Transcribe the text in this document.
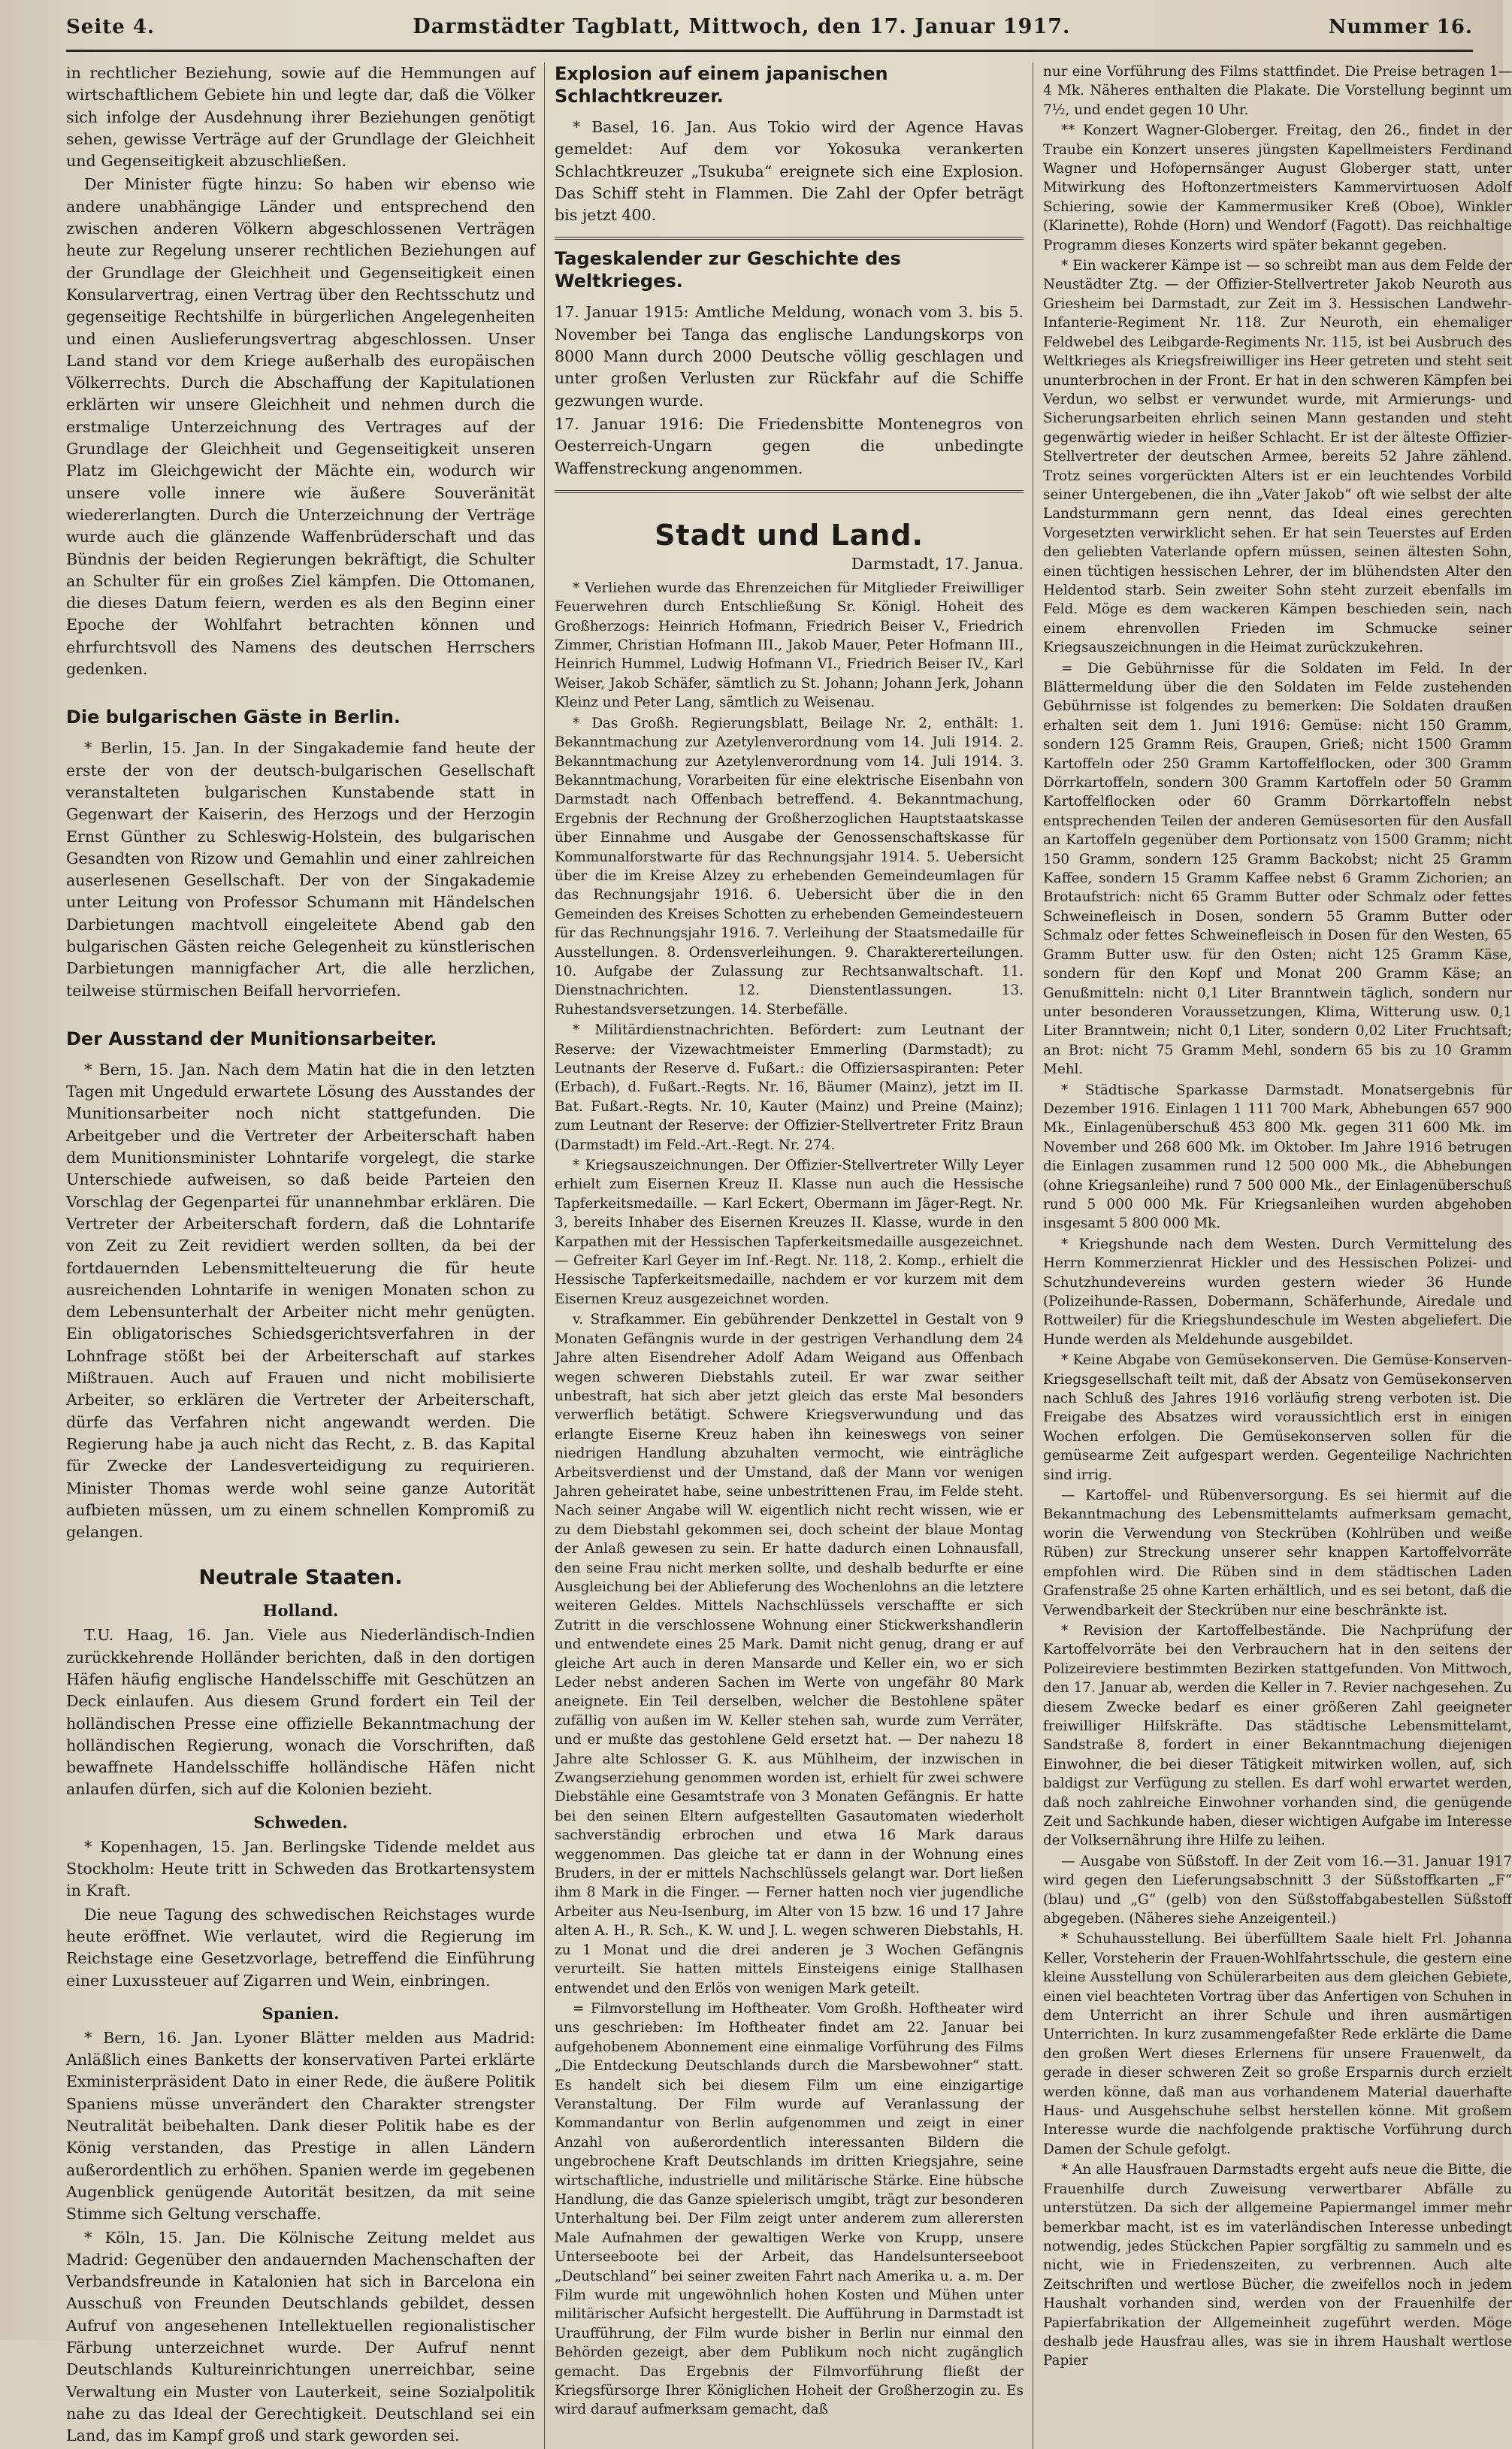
Seite 4.	Darmstädter Tagblatt, Mittwoch, den 17. Januar 1917.	Nummer 16.

in rechtlicher Beziehung, sowie auf die Hemmungen auf wirtschaftlichem Gebiete hin und legte dar, daß die Völker sich infolge der Ausdehnung ihrer Beziehungen genötigt sehen, gewisse Verträge auf der Grundlage der Gleichheit und Gegenseitigkeit abzuschließen.

Der Minister fügte hinzu: So haben wir ebenso wie andere unabhängige Länder und entsprechend den zwischen anderen Völkern abgeschlossenen Verträgen heute zur Regelung unserer rechtlichen Beziehungen auf der Grundlage der Gleichheit und Gegenseitigkeit einen Konsularvertrag, einen Vertrag über den Rechtsschutz und gegenseitige Rechtshilfe in bürgerlichen Angelegenheiten und einen Auslieferungsvertrag abgeschlossen. Unser Land stand vor dem Kriege außerhalb des europäischen Völkerrechts. Durch die Abschaffung der Kapitulationen erklärten wir unsere Gleichheit und nehmen durch die erstmalige Unterzeichnung des Vertrages auf der Grundlage der Gleichheit und Gegenseitigkeit unseren Platz im Gleichgewicht der Mächte ein, wodurch wir unsere volle innere wie äußere Souveränität wiedererlangten. Durch die Unterzeichnung der Verträge wurde auch die glänzende Waffenbrüderschaft und das Bündnis der beiden Regierungen bekräftigt, die Schulter an Schulter für ein großes Ziel kämpfen. Die Ottomanen, die dieses Datum feiern, werden es als den Beginn einer Epoche der Wohlfahrt betrachten können und ehrfurchtsvoll des Namens des deutschen Herrschers gedenken.

Die bulgarischen Gäste in Berlin.

* Berlin, 15. Jan. In der Singakademie fand heute der erste der von der deutsch-bulgarischen Gesellschaft veranstalteten bulgarischen Kunstabende statt in Gegenwart der Kaiserin, des Herzogs und der Herzogin Ernst Günther zu Schleswig-Holstein, des bulgarischen Gesandten von Rizow und Gemahlin und einer zahlreichen auserlesenen Gesellschaft. Der von der Singakademie unter Leitung von Professor Schumann mit Händelschen Darbietungen machtvoll eingeleitete Abend gab den bulgarischen Gästen reiche Gelegenheit zu künstlerischen Darbietungen mannigfacher Art, die alle herzlichen, teilweise stürmischen Beifall hervorriefen.

Der Ausstand der Munitionsarbeiter.

* Bern, 15. Jan. Nach dem Matin hat die in den letzten Tagen mit Ungeduld erwartete Lösung des Ausstandes der Munitionsarbeiter noch nicht stattgefunden. Die Arbeitgeber und die Vertreter der Arbeiterschaft haben dem Munitionsminister Lohntarife vorgelegt, die starke Unterschiede aufweisen, so daß beide Parteien den Vorschlag der Gegenpartei für unannehmbar erklären. Die Vertreter der Arbeiterschaft fordern, daß die Lohntarife von Zeit zu Zeit revidiert werden sollten, da bei der fortdauernden Lebensmittelteuerung die für heute ausreichenden Lohntarife in wenigen Monaten schon zu dem Lebensunterhalt der Arbeiter nicht mehr genügten. Ein obligatorisches Schiedsgerichtsverfahren in der Lohnfrage stößt bei der Arbeiterschaft auf starkes Mißtrauen. Auch auf Frauen und nicht mobilisierte Arbeiter, so erklären die Vertreter der Arbeiterschaft, dürfe das Verfahren nicht angewandt werden. Die Regierung habe ja auch nicht das Recht, z. B. das Kapital für Zwecke der Landesverteidigung zu requirieren. Minister Thomas werde wohl seine ganze Autorität aufbieten müssen, um zu einem schnellen Kompromiß zu gelangen.

Neutrale Staaten.
Holland.

T.U. Haag, 16. Jan. Viele aus Niederländisch-Indien zurückkehrende Holländer berichten, daß in den dortigen Häfen häufig englische Handelsschiffe mit Geschützen an Deck einlaufen. Aus diesem Grund fordert ein Teil der holländischen Presse eine offizielle Bekanntmachung der holländischen Regierung, wonach die Vorschriften, daß bewaffnete Handelsschiffe holländische Häfen nicht anlaufen dürfen, sich auf die Kolonien bezieht.

Schweden.

* Kopenhagen, 15. Jan. Berlingske Tidende meldet aus Stockholm: Heute tritt in Schweden das Brotkartensystem in Kraft.

Die neue Tagung des schwedischen Reichstages wurde heute eröffnet. Wie verlautet, wird die Regierung im Reichstage eine Gesetzvorlage, betreffend die Einführung einer Luxussteuer auf Zigarren und Wein, einbringen.

Spanien.

* Bern, 16. Jan. Lyoner Blätter melden aus Madrid: Anläßlich eines Banketts der konservativen Partei erklärte Exministerpräsident Dato in einer Rede, die äußere Politik Spaniens müsse unverändert den Charakter strengster Neutralität beibehalten. Dank dieser Politik habe es der König verstanden, das Prestige in allen Ländern außerordentlich zu erhöhen. Spanien werde im gegebenen Augenblick genügende Autorität besitzen, da mit seine Stimme sich Geltung verschaffe.

* Köln, 15. Jan. Die Kölnische Zeitung meldet aus Madrid: Gegenüber den andauernden Machenschaften der Verbandsfreunde in Katalonien hat sich in Barcelona ein Ausschuß von Freunden Deutschlands gebildet, dessen Aufruf von angesehenen Intellektuellen regionalistischer Färbung unterzeichnet wurde. Der Aufruf nennt Deutschlands Kultureinrichtungen unerreichbar, seine Verwaltung ein Muster von Lauterkeit, seine Sozialpolitik nahe zu das Ideal der Gerechtigkeit. Deutschland sei ein Land, das im Kampf groß und stark geworden sei.

Explosion auf einem japanischen Schlachtkreuzer.

* Basel, 16. Jan. Aus Tokio wird der Agence Havas gemeldet: Auf dem vor Yokosuka verankerten Schlachtkreuzer „Tsukuba“ ereignete sich eine Explosion. Das Schiff steht in Flammen. Die Zahl der Opfer beträgt bis jetzt 400.

Tageskalender zur Geschichte des Weltkrieges.

17. Januar 1915: Amtliche Meldung, wonach vom 3. bis 5. November bei Tanga das englische Landungskorps von 8000 Mann durch 2000 Deutsche völlig geschlagen und unter großen Verlusten zur Rückfahr auf die Schiffe gezwungen wurde.

17. Januar 1916: Die Friedensbitte Montenegros von Oesterreich-Ungarn gegen die unbedingte Waffenstreckung angenommen.

Stadt und Land.
Darmstadt, 17. Janua.

* Verliehen wurde das Ehrenzeichen für Mitglieder Freiwilliger Feuerwehren durch Entschließung Sr. Königl. Hoheit des Großherzogs: Heinrich Hofmann, Friedrich Beiser V., Friedrich Zimmer, Christian Hofmann III., Jakob Mauer, Peter Hofmann III., Heinrich Hummel, Ludwig Hofmann VI., Friedrich Beiser IV., Karl Weiser, Jakob Schäfer, sämtlich zu St. Johann; Johann Jerk, Johann Kleinz und Peter Lang, sämtlich zu Weisenau.

* Das Großh. Regierungsblatt, Beilage Nr. 2, enthält: 1. Bekanntmachung zur Azetylenverordnung vom 14. Juli 1914. 2. Bekanntmachung zur Azetylenverordnung vom 14. Juli 1914. 3. Bekanntmachung, Vorarbeiten für eine elektrische Eisenbahn von Darmstadt nach Offenbach betreffend. 4. Bekanntmachung, Ergebnis der Rechnung der Großherzoglichen Hauptstaatskasse über Einnahme und Ausgabe der Genossenschaftskasse für Kommunalforstwarte für das Rechnungsjahr 1914. 5. Uebersicht über die im Kreise Alzey zu erhebenden Gemeindeumlagen für das Rechnungsjahr 1916. 6. Uebersicht über die in den Gemeinden des Kreises Schotten zu erhebenden Gemeindesteuern für das Rechnungsjahr 1916. 7. Verleihung der Staatsmedaille für Ausstellungen. 8. Ordensverleihungen. 9. Charaktererteilungen. 10. Aufgabe der Zulassung zur Rechtsanwaltschaft. 11. Dienstnachrichten. 12. Dienstentlassungen. 13. Ruhestandsversetzungen. 14. Sterbefälle.

* Militärdienstnachrichten. Befördert: zum Leutnant der Reserve: der Vizewachtmeister Emmerling (Darmstadt); zu Leutnants der Reserve d. Fußart.: die Offiziersaspiranten: Peter (Erbach), d. Fußart.-Regts. Nr. 16, Bäumer (Mainz), jetzt im II. Bat. Fußart.-Regts. Nr. 10, Kauter (Mainz) und Preine (Mainz); zum Leutnant der Reserve: der Offizier-Stellvertreter Fritz Braun (Darmstadt) im Feld.-Art.-Regt. Nr. 274.

* Kriegsauszeichnungen. Der Offizier-Stellvertreter Willy Leyer erhielt zum Eisernen Kreuz II. Klasse nun auch die Hessische Tapferkeitsmedaille. — Karl Eckert, Obermann im Jäger-Regt. Nr. 3, bereits Inhaber des Eisernen Kreuzes II. Klasse, wurde in den Karpathen mit der Hessischen Tapferkeitsmedaille ausgezeichnet. — Gefreiter Karl Geyer im Inf.-Regt. Nr. 118, 2. Komp., erhielt die Hessische Tapferkeitsmedaille, nachdem er vor kurzem mit dem Eisernen Kreuz ausgezeichnet worden.

v. Strafkammer. Ein gebührender Denkzettel in Gestalt von 9 Monaten Gefängnis wurde in der gestrigen Verhandlung dem 24 Jahre alten Eisendreher Adolf Adam Weigand aus Offenbach wegen schweren Diebstahls zuteil. Er war zwar seither unbestraft, hat sich aber jetzt gleich das erste Mal besonders verwerflich betätigt. Schwere Kriegsverwundung und das erlangte Eiserne Kreuz haben ihn keineswegs von seiner niedrigen Handlung abzuhalten vermocht, wie einträgliche Arbeitsverdienst und der Umstand, daß der Mann vor wenigen Jahren geheiratet habe, seine unbestrittenen Frau, im Felde steht. Nach seiner Angabe will W. eigentlich nicht recht wissen, wie er zu dem Diebstahl gekommen sei, doch scheint der blaue Montag der Anlaß gewesen zu sein. Er hatte dadurch einen Lohnausfall, den seine Frau nicht merken sollte, und deshalb bedurfte er eine Ausgleichung bei der Ablieferung des Wochenlohns an die letztere weiteren Geldes. Mittels Nachschlüssels verschaffte er sich Zutritt in die verschlossene Wohnung einer Stickwerkshandlerin und entwendete eines 25 Mark. Damit nicht genug, drang er auf gleiche Art auch in deren Mansarde und Keller ein, wo er sich Leder nebst anderen Sachen im Werte von ungefähr 80 Mark aneignete. Ein Teil derselben, welcher die Bestohlene später zufällig von außen im W. Keller stehen sah, wurde zum Verräter, und er mußte das gestohlene Geld ersetzt hat. — Der nahezu 18 Jahre alte Schlosser G. K. aus Mühlheim, der inzwischen in Zwangserziehung genommen worden ist, erhielt für zwei schwere Diebstähle eine Gesamtstrafe von 3 Monaten Gefängnis. Er hatte bei den seinen Eltern aufgestellten Gasautomaten wiederholt sachverständig erbrochen und etwa 16 Mark daraus weggenommen. Das gleiche tat er dann in der Wohnung eines Bruders, in der er mittels Nachschlüssels gelangt war. Dort ließen ihm 8 Mark in die Finger. — Ferner hatten noch vier jugendliche Arbeiter aus Neu-Isenburg, im Alter von 15 bzw. 16 und 17 Jahre alten A. H., R. Sch., K. W. und J. L. wegen schweren Diebstahls, H. zu 1 Monat und die drei anderen je 3 Wochen Gefängnis verurteilt. Sie hatten mittels Einsteigens einige Stallhasen entwendet und den Erlös von wenigen Mark geteilt.

= Filmvorstellung im Hoftheater. Vom Großh. Hoftheater wird uns geschrieben: Im Hoftheater findet am 22. Januar bei aufgehobenem Abonnement eine einmalige Vorführung des Films „Die Entdeckung Deutschlands durch die Marsbewohner“ statt. Es handelt sich bei diesem Film um eine einzigartige Veranstaltung. Der Film wurde auf Veranlassung der Kommandantur von Berlin aufgenommen und zeigt in einer Anzahl von außerordentlich interessanten Bildern die ungebrochene Kraft Deutschlands im dritten Kriegsjahre, seine wirtschaftliche, industrielle und militärische Stärke. Eine hübsche Handlung, die das Ganze spielerisch umgibt, trägt zur besonderen Unterhaltung bei. Der Film zeigt unter anderem zum allerersten Male Aufnahmen der gewaltigen Werke von Krupp, unsere Unterseeboote bei der Arbeit, das Handelsunterseeboot „Deutschland“ bei seiner zweiten Fahrt nach Amerika u. a. m. Der Film wurde mit ungewöhnlich hohen Kosten und Mühen unter militärischer Aufsicht hergestellt. Die Aufführung in Darmstadt ist Uraufführung, der Film wurde bisher in Berlin nur einmal den Behörden gezeigt, aber dem Publikum noch nicht zugänglich gemacht. Das Ergebnis der Filmvorführung fließt der Kriegsfürsorge Ihrer Königlichen Hoheit der Großherzogin zu. Es wird darauf aufmerksam gemacht, daß

nur eine Vorführung des Films stattfindet. Die Preise betragen 1—4 Mk. Näheres enthalten die Plakate. Die Vorstellung beginnt um 7½, und endet gegen 10 Uhr.

** Konzert Wagner-Globerger. Freitag, den 26., findet in der Traube ein Konzert unseres jüngsten Kapellmeisters Ferdinand Wagner und Hofopernsänger August Globerger statt, unter Mitwirkung des Hoftonzertmeisters Kammervirtuosen Adolf Schiering, sowie der Kammermusiker Kreß (Oboe), Winkler (Klarinette), Rohde (Horn) und Wendorf (Fagott). Das reichhaltige Programm dieses Konzerts wird später bekannt gegeben.

* Ein wackerer Kämpe ist — so schreibt man aus dem Felde der Neustädter Ztg. — der Offizier-Stellvertreter Jakob Neuroth aus Griesheim bei Darmstadt, zur Zeit im 3. Hessischen Landwehr-Infanterie-Regiment Nr. 118. Zur Neuroth, ein ehemaliger Feldwebel des Leibgarde-Regiments Nr. 115, ist bei Ausbruch des Weltkrieges als Kriegsfreiwilliger ins Heer getreten und steht seit ununterbrochen in der Front. Er hat in den schweren Kämpfen bei Verdun, wo selbst er verwundet wurde, mit Armierungs- und Sicherungsarbeiten ehrlich seinen Mann gestanden und steht gegenwärtig wieder in heißer Schlacht. Er ist der älteste Offizier-Stellvertreter der deutschen Armee, bereits 52 Jahre zählend. Trotz seines vorgerückten Alters ist er ein leuchtendes Vorbild seiner Untergebenen, die ihn „Vater Jakob“ oft wie selbst der alte Landsturmmann gern nennt, das Ideal eines gerechten Vorgesetzten verwirklicht sehen. Er hat sein Teuerstes auf Erden den geliebten Vaterlande opfern müssen, seinen ältesten Sohn, einen tüchtigen hessischen Lehrer, der im blühendsten Alter den Heldentod starb. Sein zweiter Sohn steht zurzeit ebenfalls im Feld. Möge es dem wackeren Kämpen beschieden sein, nach einem ehrenvollen Frieden im Schmucke seiner Kriegsauszeichnungen in die Heimat zurückzukehren.

= Die Gebührnisse für die Soldaten im Feld. In der Blättermeldung über die den Soldaten im Felde zustehenden Gebührnisse ist folgendes zu bemerken: Die Soldaten draußen erhalten seit dem 1. Juni 1916: Gemüse: nicht 150 Gramm, sondern 125 Gramm Reis, Graupen, Grieß; nicht 1500 Gramm Kartoffeln oder 250 Gramm Kartoffelflocken, oder 300 Gramm Dörrkartoffeln, sondern 300 Gramm Kartoffeln oder 50 Gramm Kartoffelflocken oder 60 Gramm Dörrkartoffeln nebst entsprechenden Teilen der anderen Gemüsesorten für den Ausfall an Kartoffeln gegenüber dem Portionsatz von 1500 Gramm; nicht 150 Gramm, sondern 125 Gramm Backobst; nicht 25 Gramm Kaffee, sondern 15 Gramm Kaffee nebst 6 Gramm Zichorien; an Brotaufstrich: nicht 65 Gramm Butter oder Schmalz oder fettes Schweinefleisch in Dosen, sondern 55 Gramm Butter oder Schmalz oder fettes Schweinefleisch in Dosen für den Westen, 65 Gramm Butter usw. für den Osten; nicht 125 Gramm Käse, sondern für den Kopf und Monat 200 Gramm Käse; an Genußmitteln: nicht 0,1 Liter Branntwein täglich, sondern nur unter besonderen Voraussetzungen, Klima, Witterung usw. 0,1 Liter Branntwein; nicht 0,1 Liter, sondern 0,02 Liter Fruchtsaft; an Brot: nicht 75 Gramm Mehl, sondern 65 bis zu 10 Gramm Mehl.

* Städtische Sparkasse Darmstadt. Monatsergebnis für Dezember 1916. Einlagen 1 111 700 Mark, Abhebungen 657 900 Mk., Einlagenüberschuß 453 800 Mk. gegen 311 600 Mk. im November und 268 600 Mk. im Oktober. Im Jahre 1916 betrugen die Einlagen zusammen rund 12 500 000 Mk., die Abhebungen (ohne Kriegsanleihe) rund 7 500 000 Mk., der Einlagenüberschuß rund 5 000 000 Mk. Für Kriegsanleihen wurden abgehoben insgesamt 5 800 000 Mk.

* Kriegshunde nach dem Westen. Durch Vermittelung des Herrn Kommerzienrat Hickler und des Hessischen Polizei- und Schutzhundevereins wurden gestern wieder 36 Hunde (Polizeihunde-Rassen, Dobermann, Schäferhunde, Airedale und Rottweiler) für die Kriegshundeschule im Westen abgeliefert. Die Hunde werden als Meldehunde ausgebildet.

* Keine Abgabe von Gemüsekonserven. Die Gemüse-Konserven-Kriegsgesellschaft teilt mit, daß der Absatz von Gemüsekonserven nach Schluß des Jahres 1916 vorläufig streng verboten ist. Die Freigabe des Absatzes wird voraussichtlich erst in einigen Wochen erfolgen. Die Gemüsekonserven sollen für die gemüsearme Zeit aufgespart werden. Gegenteilige Nachrichten sind irrig.

— Kartoffel- und Rübenversorgung. Es sei hiermit auf die Bekanntmachung des Lebensmittelamts aufmerksam gemacht, worin die Verwendung von Steckrüben (Kohlrüben und weiße Rüben) zur Streckung unserer sehr knappen Kartoffelvorräte empfohlen wird. Die Rüben sind in dem städtischen Laden Grafenstraße 25 ohne Karten erhältlich, und es sei betont, daß die Verwendbarkeit der Steckrüben nur eine beschränkte ist.

* Revision der Kartoffelbestände. Die Nachprüfung der Kartoffelvorräte bei den Verbrauchern hat in den seitens der Polizeireviere bestimmten Bezirken stattgefunden. Von Mittwoch, den 17. Januar ab, werden die Keller in 7. Revier nachgesehen. Zu diesem Zwecke bedarf es einer größeren Zahl geeigneter freiwilliger Hilfskräfte. Das städtische Lebensmittelamt, Sandstraße 8, fordert in einer Bekanntmachung diejenigen Einwohner, die bei dieser Tätigkeit mitwirken wollen, auf, sich baldigst zur Verfügung zu stellen. Es darf wohl erwartet werden, daß noch zahlreiche Einwohner vorhanden sind, die genügende Zeit und Sachkunde haben, dieser wichtigen Aufgabe im Interesse der Volksernährung ihre Hilfe zu leihen.

— Ausgabe von Süßstoff. In der Zeit vom 16.—31. Januar 1917 wird gegen den Lieferungsabschnitt 3 der Süßstoffkarten „F“ (blau) und „G“ (gelb) von den Süßstoffabgabestellen Süßstoff abgegeben. (Näheres siehe Anzeigenteil.)

* Schuhausstellung. Bei überfülltem Saale hielt Frl. Johanna Keller, Vorsteherin der Frauen-Wohlfahrtsschule, die gestern eine kleine Ausstellung von Schülerarbeiten aus dem gleichen Gebiete, einen viel beachteten Vortrag über das Anfertigen von Schuhen in dem Unterricht an ihrer Schule und ihren ausmärtigen Unterrichten. In kurz zusammengefaßter Rede erklärte die Dame den großen Wert dieses Erlernens für unsere Frauenwelt, da gerade in dieser schweren Zeit so große Ersparnis durch erzielt werden könne, daß man aus vorhandenem Material dauerhafte Haus- und Ausgehschuhe selbst herstellen könne. Mit großem Interesse wurde die nachfolgende praktische Vorführung durch Damen der Schule gefolgt.

* An alle Hausfrauen Darmstadts ergeht aufs neue die Bitte, die Frauenhilfe durch Zuweisung verwertbarer Abfälle zu unterstützen. Da sich der allgemeine Papiermangel immer mehr bemerkbar macht, ist es im vaterländischen Interesse unbedingt notwendig, jedes Stückchen Papier sorgfältig zu sammeln und es nicht, wie in Friedenszeiten, zu verbrennen. Auch alte Zeitschriften und wertlose Bücher, die zweifellos noch in jedem Haushalt vorhanden sind, werden von der Frauenhilfe der Papierfabrikation der Allgemeinheit zugeführt werden. Möge deshalb jede Hausfrau alles, was sie in ihrem Haushalt wertlose Papier
